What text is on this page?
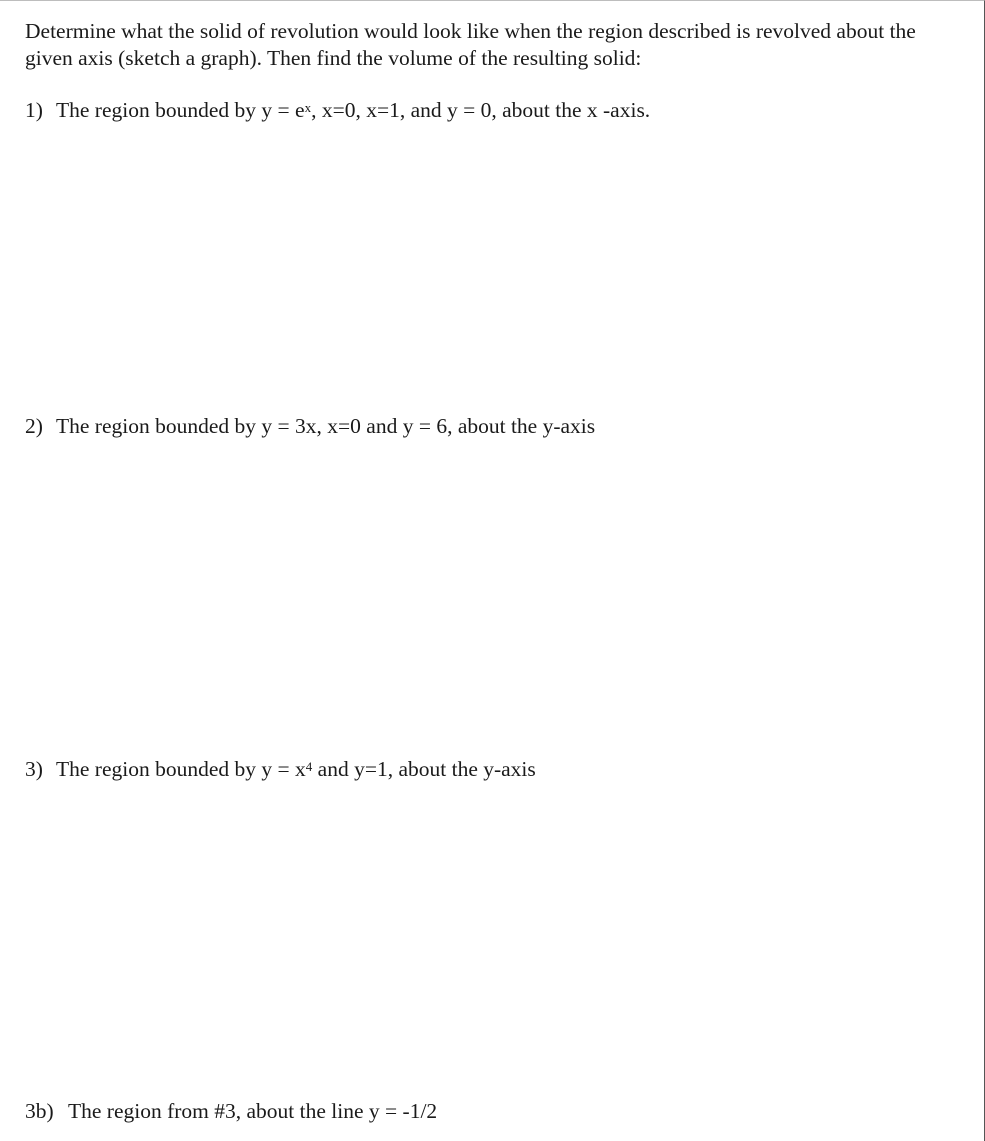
Determine what the solid of revolution would look like when the region described is revolved about the
given axis (sketch a graph). Then find the volume of the resulting solid:
1) The region bounded by $y = e^x$, x=0, x=1, and y = 0, about the x -axis.
2) The region bounded by y = 3x, x=0 and y = 6, about the y-axis
3) The region bounded by $y = x^4$ and y=1, about the y-axis
3b) The region from #3, about the line y = -1/2
